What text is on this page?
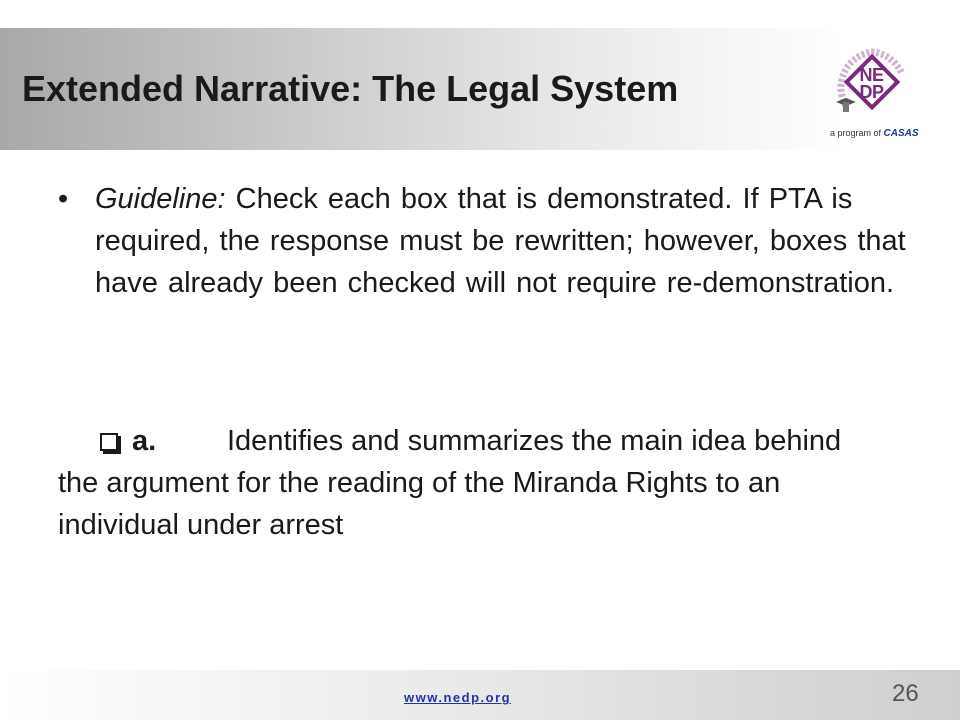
Extended Narrative: The Legal System	N E
D P
a program of CASAS
• Guideline: Check each box that is demonstrated. If PTA is required, the response must be rewritten; however, boxes that have already been checked will not require re-demonstration.
a. Identifies and summarizes the main idea behind the argument for the reading of the Miranda Rights to an individual under arrest
www.nedp.org	26
